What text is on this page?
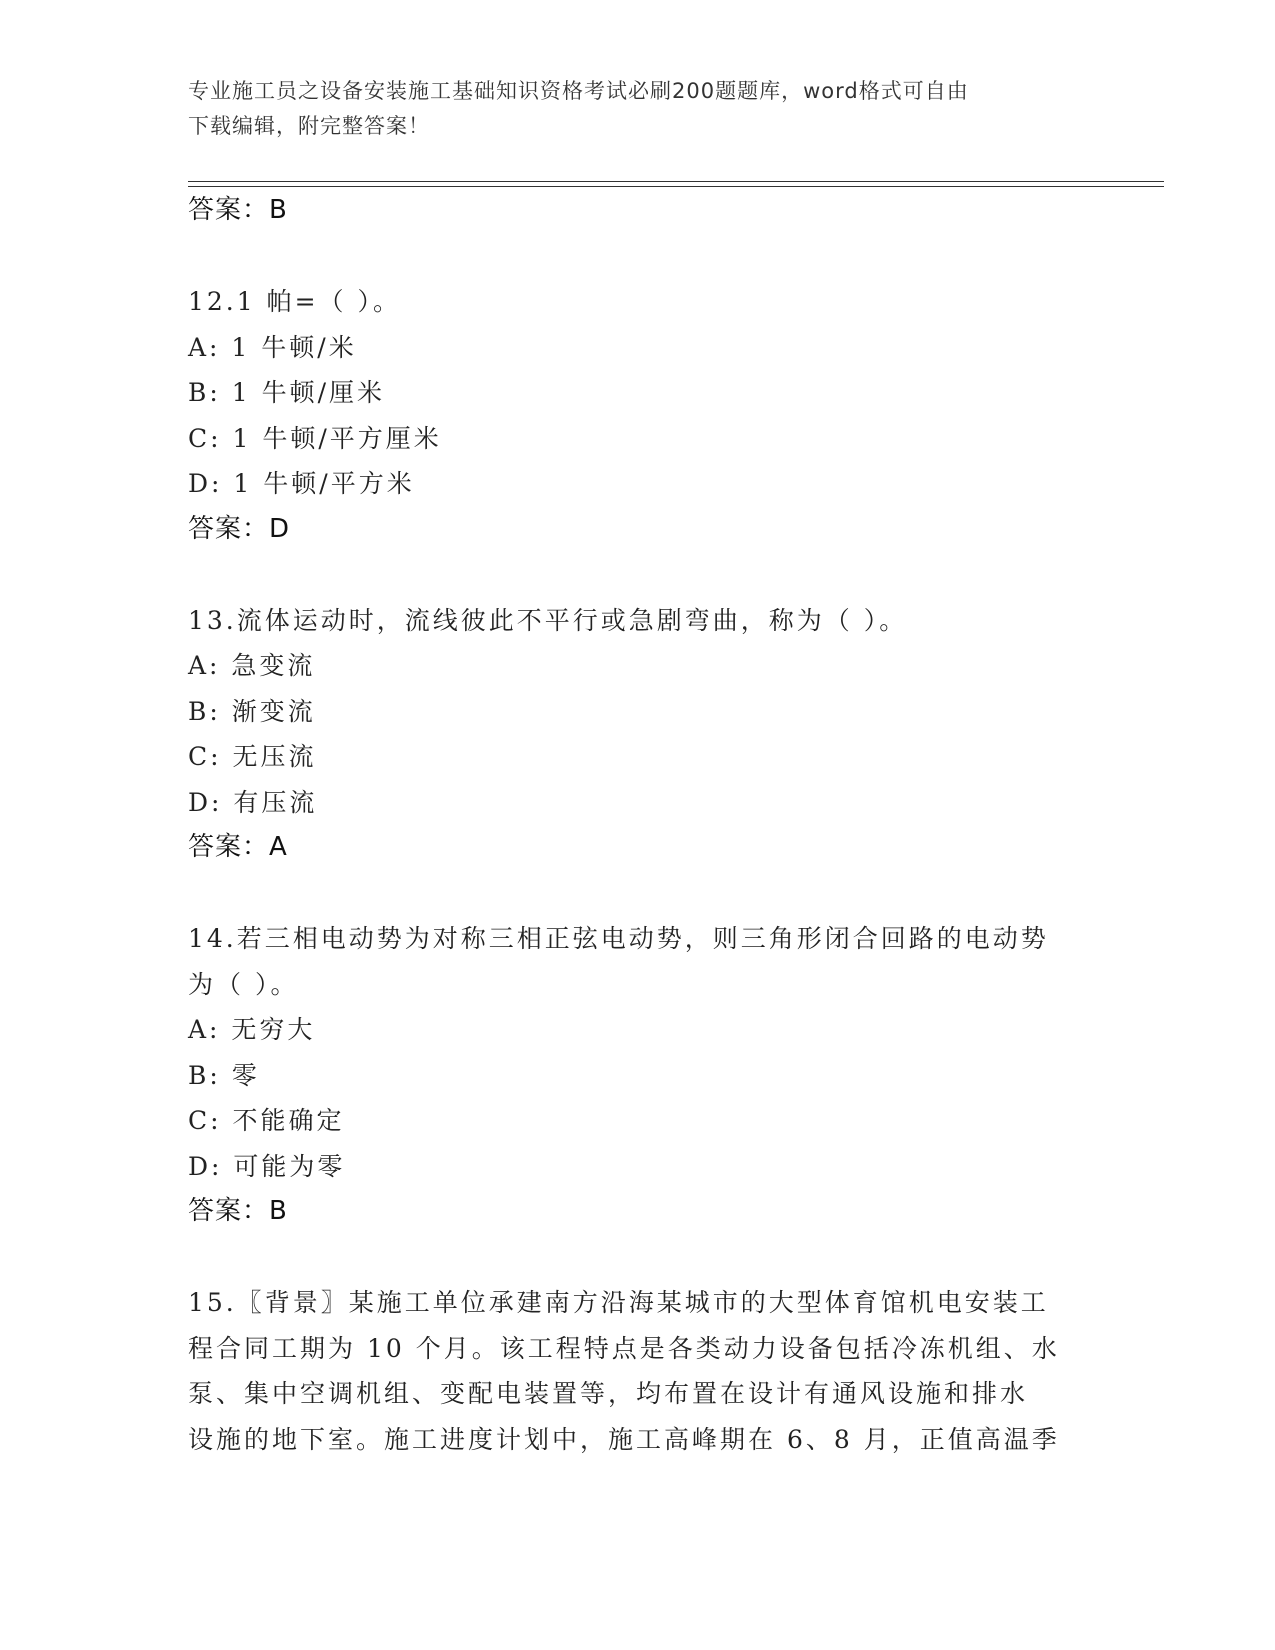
专业施工员之设备安装施工基础知识资格考试必刷200题题库，word格式可自由
下载编辑，附完整答案！
答案：B
12.1 帕=（ ）。
A: 1 牛顿/米
B: 1 牛顿/厘米
C: 1 牛顿/平方厘米
D: 1 牛顿/平方米
答案：D
13.流体运动时，流线彼此不平行或急剧弯曲，称为（ ）。
A: 急变流
B: 渐变流
C: 无压流
D: 有压流
答案：A
14.若三相电动势为对称三相正弦电动势，则三角形闭合回路的电动势
为（ ）。
A: 无穷大
B: 零
C: 不能确定
D: 可能为零
答案：B
15.〖背景〗某施工单位承建南方沿海某城市的大型体育馆机电安装工
程合同工期为 10 个月。该工程特点是各类动力设备包括冷冻机组、水
泵、集中空调机组、变配电装置等，均布置在设计有通风设施和排水
设施的地下室。施工进度计划中，施工高峰期在 6、8 月，正值高温季
